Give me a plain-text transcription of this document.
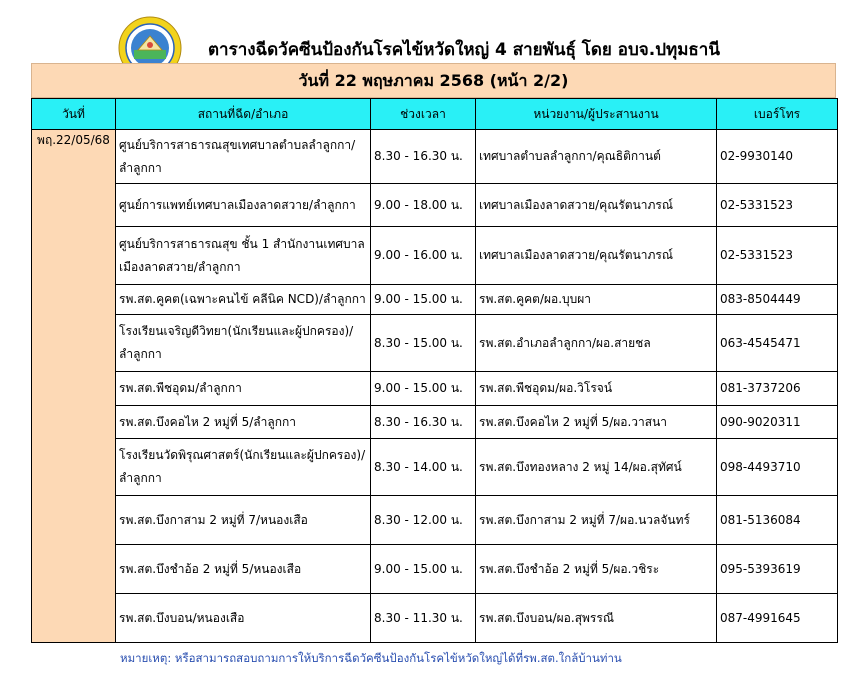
ตารางฉีดวัคซีนป้องกันโรคไข้หวัดใหญ่ 4 สายพันธุ์ โดย อบจ.ปทุมธานี
วันที่ 22 พฤษภาคม 2568 (หน้า 2/2)
วันที่	สถานที่ฉีด/อำเภอ	ช่วงเวลา	หน่วยงาน/ผู้ประสานงาน	เบอร์โทร
พฤ.22/05/68	ศูนย์บริการสาธารณสุขเทศบาลตำบลลำลูกกา/ลำลูกกา	8.30 - 16.30 น.	เทศบาลตำบลลำลูกกา/คุณธิติกานต์	02-9930140
	ศูนย์การแพทย์เทศบาลเมืองลาดสวาย/ลำลูกกา	9.00 - 18.00 น.	เทศบาลเมืองลาดสวาย/คุณรัตนาภรณ์	02-5331523
	ศูนย์บริการสาธารณสุข ชั้น 1 สำนักงานเทศบาลเมืองลาดสวาย/ลำลูกกา	9.00 - 16.00 น.	เทศบาลเมืองลาดสวาย/คุณรัตนาภรณ์	02-5331523
	รพ.สต.คูคต(เฉพาะคนไข้ คลีนิค NCD)/ลำลูกกา	9.00 - 15.00 น.	รพ.สต.คูคต/ผอ.บุบผา	083-8504449
	โรงเรียนเจริญดีวิทยา(นักเรียนและผู้ปกครอง)/ลำลูกกา	8.30 - 15.00 น.	รพ.สต.อำเภอลำลูกกา/ผอ.สายชล	063-4545471
	รพ.สต.พืชอุดม/ลำลูกกา	9.00 - 15.00 น.	รพ.สต.พืชอุดม/ผอ.วิโรจน์	081-3737206
	รพ.สต.บึงคอไห 2 หมู่ที่ 5/ลำลูกกา	8.30 - 16.30 น.	รพ.สต.บึงคอไห 2 หมู่ที่ 5/ผอ.วาสนา	090-9020311
	โรงเรียนวัดพิรุณศาสตร์(นักเรียนและผู้ปกครอง)/ลำลูกกา	8.30 - 14.00 น.	รพ.สต.บึงทองหลาง 2 หมู่ 14/ผอ.สุทัศน์	098-4493710
	รพ.สต.บึงกาสาม 2 หมู่ที่ 7/หนองเสือ	8.30 - 12.00 น.	รพ.สต.บึงกาสาม 2 หมู่ที่ 7/ผอ.นวลจันทร์	081-5136084
	รพ.สต.บึงชำอ้อ 2 หมู่ที่ 5/หนองเสือ	9.00 - 15.00 น.	รพ.สต.บึงชำอ้อ 2 หมู่ที่ 5/ผอ.วชิระ	095-5393619
	รพ.สต.บึงบอน/หนองเสือ	8.30 - 11.30 น.	รพ.สต.บึงบอน/ผอ.สุพรรณี	087-4991645
หมายเหตุ: หรือสามารถสอบถามการให้บริการฉีดวัคซีนป้องกันโรคไข้หวัดใหญ่ได้ที่รพ.สต.ใกล้บ้านท่าน
